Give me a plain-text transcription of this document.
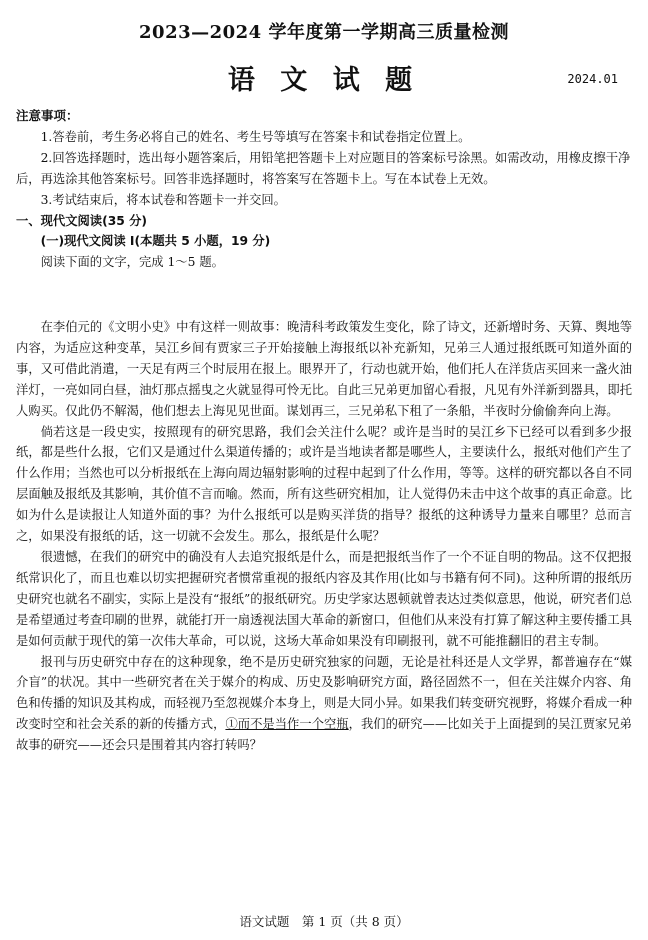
2023—2024 学年度第一学期高三质量检测
语 文 试 题	2024.01

注意事项：

1.答卷前，考生务必将自己的姓名、考生号等填写在答案卡和试卷指定位置上。

2.回答选择题时，选出每小题答案后，用铅笔把答题卡上对应题目的答案标号涂黑。如需改动，用橡皮擦干净后，再选涂其他答案标号。回答非选择题时，将答案写在答题卡上。写在本试卷上无效。

3.考试结束后，将本试卷和答题卡一并交回。

一、现代文阅读(35 分)

(一)现代文阅读 I(本题共 5 小题，19 分)

阅读下面的文字，完成 1～5 题。

在李伯元的《文明小史》中有这样一则故事：晚清科考政策发生变化，除了诗文，还新增时务、天算、舆地等内容，为适应这种变革，吴江乡间有贾家三子开始接触上海报纸以补充新知，兄弟三人通过报纸既可知道外面的事，又可借此消遣，一天足有两三个时辰用在报上。眼界开了，行动也就开始，他们托人在洋货店买回来一盏火油洋灯，一亮如同白昼，油灯那点摇曳之火就显得可怜无比。自此三兄弟更加留心看报，凡见有外洋新到器具，即托人购买。仅此仍不解渴，他们想去上海见见世面。谋划再三，三兄弟私下租了一条船，半夜时分偷偷奔向上海。

倘若这是一段史实，按照现有的研究思路，我们会关注什么呢？或许是当时的吴江乡下已经可以看到多少报纸，都是些什么报，它们又是通过什么渠道传播的；或许是当地读者都是哪些人，主要读什么，报纸对他们产生了什么作用；当然也可以分析报纸在上海向周边辐射影响的过程中起到了什么作用，等等。这样的研究都以各自不同层面触及报纸及其影响，其价值不言而喻。然而，所有这些研究相加，让人觉得仍未击中这个故事的真正命意。比如为什么是读报让人知道外面的事？为什么报纸可以是购买洋货的指导？报纸的这种诱导力量来自哪里？总而言之，如果没有报纸的话，这一切就不会发生。那么，报纸是什么呢？

很遗憾，在我们的研究中的确没有人去追究报纸是什么，而是把报纸当作了一个不证自明的物品。这不仅把报纸常识化了，而且也难以切实把握研究者惯常重视的报纸内容及其作用(比如与书籍有何不同)。这种所谓的报纸历史研究也就名不副实，实际上是没有“报纸”的报纸研究。历史学家达恩顿就曾表达过类似意思，他说，研究者们总是希望通过考查印刷的世界，就能打开一扇透视法国大革命的新窗口，但他们从来没有打算了解这种主要传播工具是如何贡献于现代的第一次伟大革命，可以说，这场大革命如果没有印刷报刊，就不可能推翻旧的君主专制。

报刊与历史研究中存在的这种现象，绝不是历史研究独家的问题，无论是社科还是人文学界，都普遍存在“媒介盲”的状况。其中一些研究者在关于媒介的构成、历史及影响研究方面，路径固然不一，但在关注媒介内容、角色和传播的知识及其构成，而轻视乃至忽视媒介本身上，则是大同小异。如果我们转变研究视野，将媒介看成一种改变时空和社会关系的新的传播方式，①而不是当作一个空瓶，我们的研究——比如关于上面提到的吴江贾家兄弟故事的研究——还会只是围着其内容打转吗？

语文试题　第 1 页（共 8 页）
